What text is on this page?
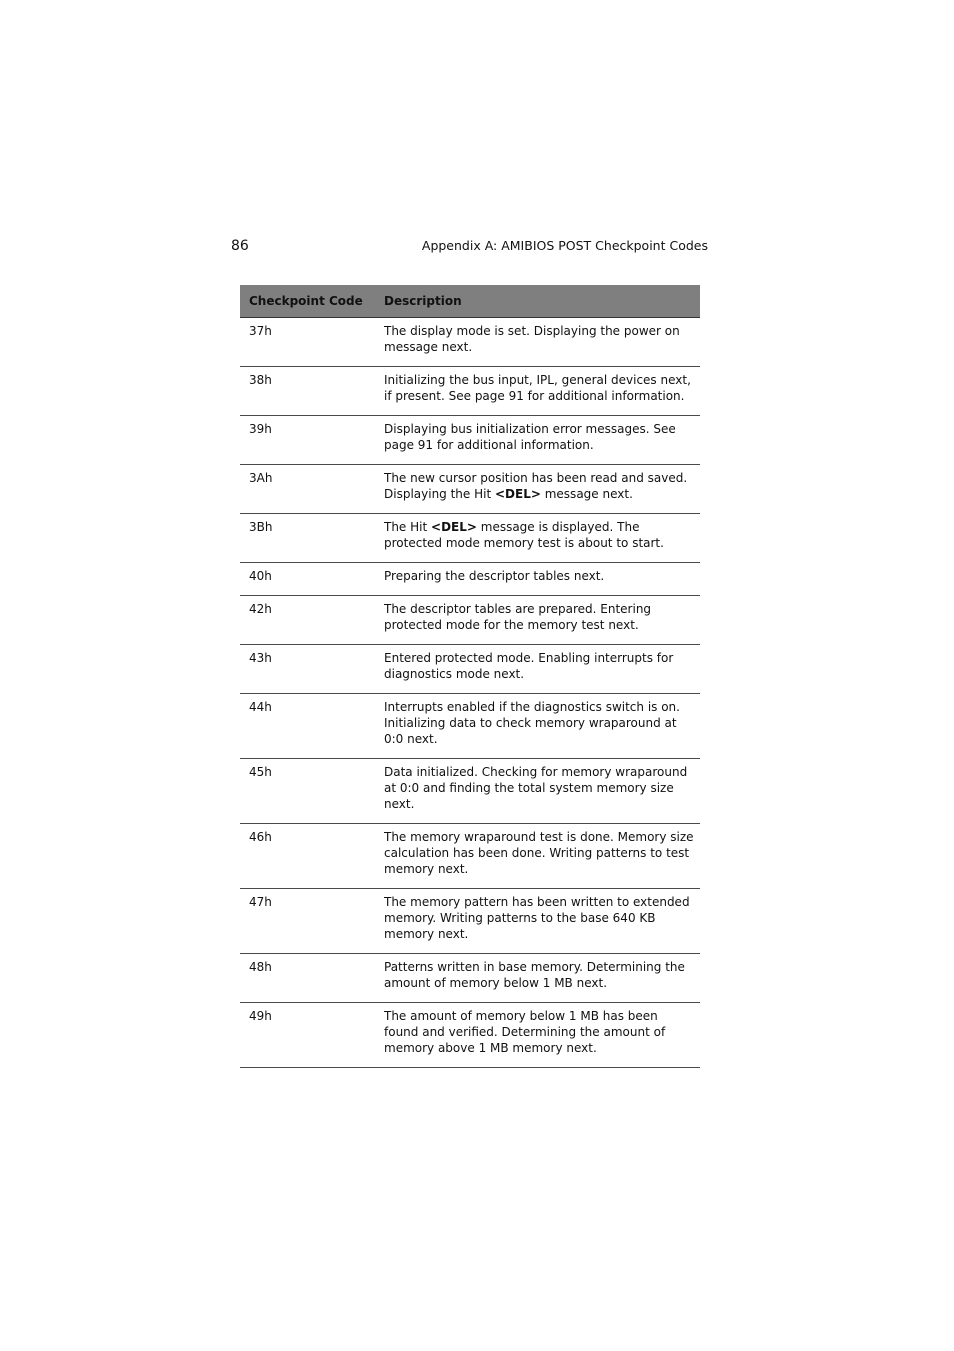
86	Appendix A: AMIBIOS POST Checkpoint Codes
Checkpoint Code	Description
37h	The display mode is set. Displaying the power on message next.
38h	Initializing the bus input, IPL, general devices next, if present. See page 91 for additional information.
39h	Displaying bus initialization error messages. See page 91 for additional information.
3Ah	The new cursor position has been read and saved. Displaying the Hit <DEL> message next.
3Bh	The Hit <DEL> message is displayed. The protected mode memory test is about to start.
40h	Preparing the descriptor tables next.
42h	The descriptor tables are prepared. Entering protected mode for the memory test next.
43h	Entered protected mode. Enabling interrupts for diagnostics mode next.
44h	Interrupts enabled if the diagnostics switch is on. Initializing data to check memory wraparound at 0:0 next.
45h	Data initialized. Checking for memory wraparound at 0:0 and finding the total system memory size next.
46h	The memory wraparound test is done. Memory size calculation has been done. Writing patterns to test memory next.
47h	The memory pattern has been written to extended memory. Writing patterns to the base 640 KB memory next.
48h	Patterns written in base memory. Determining the amount of memory below 1 MB next.
49h	The amount of memory below 1 MB has been found and verified. Determining the amount of memory above 1 MB memory next.
